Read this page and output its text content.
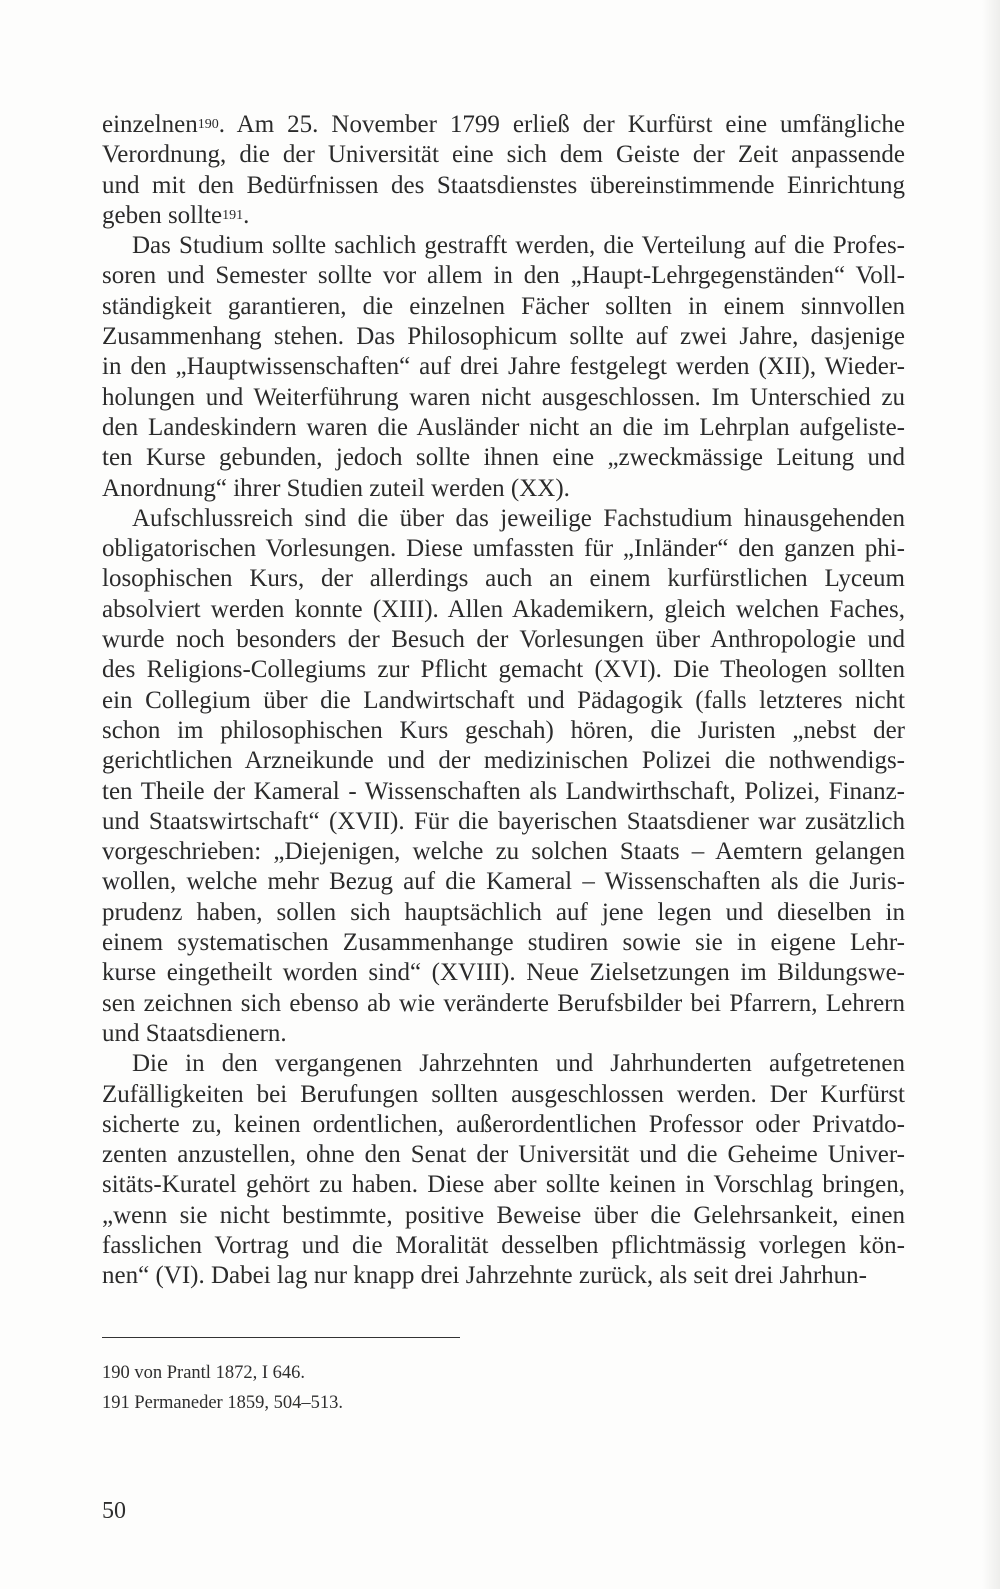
einzelnen$^{190}$. Am 25. November 1799 erließ der Kurfürst eine umfängliche
Verordnung, die der Universität eine sich dem Geiste der Zeit anpassende
und mit den Bedürfnissen des Staatsdienstes übereinstimmende Einrichtung
geben sollte$^{191}$.
Das Studium sollte sachlich gestrafft werden, die Verteilung auf die Profes-
soren und Semester sollte vor allem in den „Haupt-Lehrgegenständen“ Voll-
ständigkeit garantieren, die einzelnen Fächer sollten in einem sinnvollen
Zusammenhang stehen. Das Philosophicum sollte auf zwei Jahre, dasjenige
in den „Hauptwissenschaften“ auf drei Jahre festgelegt werden (XII), Wieder-
holungen und Weiterführung waren nicht ausgeschlossen. Im Unterschied zu
den Landeskindern waren die Ausländer nicht an die im Lehrplan aufgeliste-
ten Kurse gebunden, jedoch sollte ihnen eine „zweckmässige Leitung und
Anordnung“ ihrer Studien zuteil werden (XX).
Aufschlussreich sind die über das jeweilige Fachstudium hinausgehenden
obligatorischen Vorlesungen. Diese umfassten für „Inländer“ den ganzen phi-
losophischen Kurs, der allerdings auch an einem kurfürstlichen Lyceum
absolviert werden konnte (XIII). Allen Akademikern, gleich welchen Faches,
wurde noch besonders der Besuch der Vorlesungen über Anthropologie und
des Religions-Collegiums zur Pflicht gemacht (XVI). Die Theologen sollten
ein Collegium über die Landwirtschaft und Pädagogik (falls letzteres nicht
schon im philosophischen Kurs geschah) hören, die Juristen „nebst der
gerichtlichen Arzneikunde und der medizinischen Polizei die nothwendigs-
ten Theile der Kameral - Wissenschaften als Landwirthschaft, Polizei, Finanz-
und Staatswirtschaft“ (XVII). Für die bayerischen Staatsdiener war zusätzlich
vorgeschrieben: „Diejenigen, welche zu solchen Staats – Aemtern gelangen
wollen, welche mehr Bezug auf die Kameral – Wissenschaften als die Juris-
prudenz haben, sollen sich hauptsächlich auf jene legen und dieselben in
einem systematischen Zusammenhange studiren sowie sie in eigene Lehr-
kurse eingetheilt worden sind“ (XVIII). Neue Zielsetzungen im Bildungswe-
sen zeichnen sich ebenso ab wie veränderte Berufsbilder bei Pfarrern, Lehrern
und Staatsdienern.
Die in den vergangenen Jahrzehnten und Jahrhunderten aufgetretenen
Zufälligkeiten bei Berufungen sollten ausgeschlossen werden. Der Kurfürst
sicherte zu, keinen ordentlichen, außerordentlichen Professor oder Privatdo-
zenten anzustellen, ohne den Senat der Universität und die Geheime Univer-
sitäts-Kuratel gehört zu haben. Diese aber sollte keinen in Vorschlag bringen,
„wenn sie nicht bestimmte, positive Beweise über die Gelehrsankeit, einen
fasslichen Vortrag und die Moralität desselben pflichtmässig vorlegen kön-
nen“ (VI). Dabei lag nur knapp drei Jahrzehnte zurück, als seit drei Jahrhun-
190 von Prantl 1872, I 646.
191 Permaneder 1859, 504–513.
50
